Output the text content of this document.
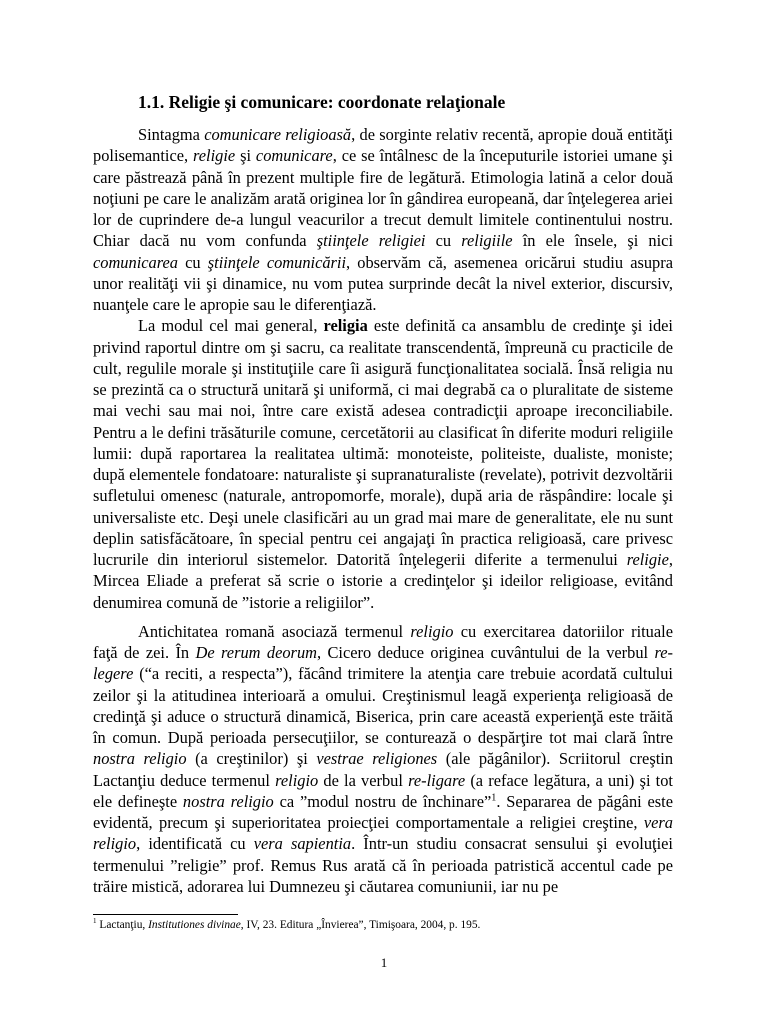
1.1. Religie şi comunicare: coordonate relaţionale

Sintagma comunicare religioasă, de sorginte relativ recentă, apropie două entităţi polisemantice, religie şi comunicare, ce se întâlnesc de la începuturile istoriei umane şi care păstrează până în prezent multiple fire de legătură. Etimologia latină a celor două noţiuni pe care le analizăm arată originea lor în gândirea europeană, dar înţelegerea ariei lor de cuprindere de-a lungul veacurilor a trecut demult limitele continentului nostru. Chiar dacă nu vom confunda ştiinţele religiei cu religiile în ele însele, şi nici comunicarea cu ştiinţele comunicării, observăm că, asemenea oricărui studiu asupra unor realităţi vii şi dinamice, nu vom putea surprinde decât la nivel exterior, discursiv, nuanţele care le apropie sau le diferenţiază.

La modul cel mai general, religia este definită ca ansamblu de credinţe şi idei privind raportul dintre om şi sacru, ca realitate transcendentă, împreună cu practicile de cult, regulile morale şi instituţiile care îi asigură funcţionalitatea socială. Însă religia nu se prezintă ca o structură unitară şi uniformă, ci mai degrabă ca o pluralitate de sisteme mai vechi sau mai noi, între care există adesea contradicţii aproape ireconciliabile. Pentru a le defini trăsăturile comune, cercetătorii au clasificat în diferite moduri religiile lumii: după raportarea la realitatea ultimă: monoteiste, politeiste, dualiste, moniste; după elementele fondatoare: naturaliste şi supranaturaliste (revelate), potrivit dezvoltării sufletului omenesc (naturale, antropomorfe, morale), după aria de răspândire: locale şi universaliste etc. Deşi unele clasificări au un grad mai mare de generalitate, ele nu sunt deplin satisfăcătoare, în special pentru cei angajaţi în practica religioasă, care privesc lucrurile din interiorul sistemelor. Datorită înţelegerii diferite a termenului religie, Mircea Eliade a preferat să scrie o istorie a credinţelor şi ideilor religioase, evitând denumirea comună de ”istorie a religiilor”.

Antichitatea romană asociază termenul religio cu exercitarea datoriilor rituale faţă de zei. În De rerum deorum, Cicero deduce originea cuvântului de la verbul re-legere (“a reciti, a respecta”), făcând trimitere la atenţia care trebuie acordată cultului zeilor şi la atitudinea interioară a omului. Creştinismul leagă experienţa religioasă de credinţă şi aduce o structură dinamică, Biserica, prin care această experienţă este trăită în comun. După perioada persecuţiilor, se conturează o despărţire tot mai clară între nostra religio (a creştinilor) şi vestrae religiones (ale păgânilor). Scriitorul creştin Lactanţiu deduce termenul religio de la verbul re-ligare (a reface legătura, a uni) şi tot ele defineşte nostra religio ca ”modul nostru de închinare”$^1$. Separarea de păgâni este evidentă, precum şi superioritatea proiecţiei comportamentale a religiei creştine, vera religio, identificată cu vera sapientia. Într-un studiu consacrat sensului şi evoluţiei termenului ”religie” prof. Remus Rus arată că în perioada patristică accentul cade pe trăire mistică, adorarea lui Dumnezeu şi căutarea comuniunii, iar nu pe

$^1$ Lactanţiu, Institutiones divinae, IV, 23. Editura „Învierea”, Timişoara, 2004, p. 195.
1
